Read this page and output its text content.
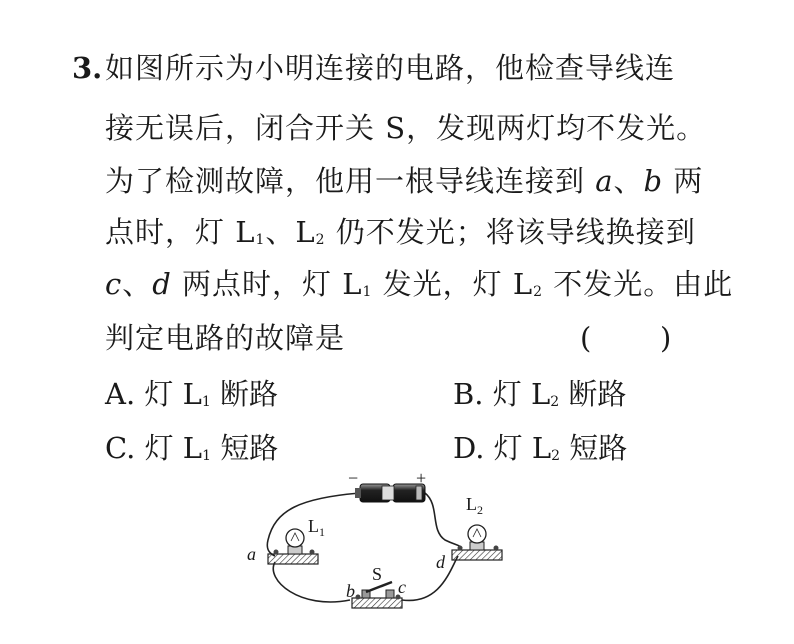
3. 如图所示为小明连接的电路，他检查导线连
接无误后，闭合开关 S，发现两灯均不发光。
为了检测故障，他用一根导线连接到 a、b 两
点时，灯 $L_1$、$L_2$ 仍不发光；将该导线换接到
c、d 两点时，灯 $L_1$ 发光，灯 $L_2$ 不发光。由此
判定电路的故障是	( )
A. 灯 $L_1$ 断路	B. 灯 $L_2$ 断路
C. 灯 $L_1$ 短路	D. 灯 $L_2$ 短路
−	+
$L_1$
$L_2$
S
a
b c
d
